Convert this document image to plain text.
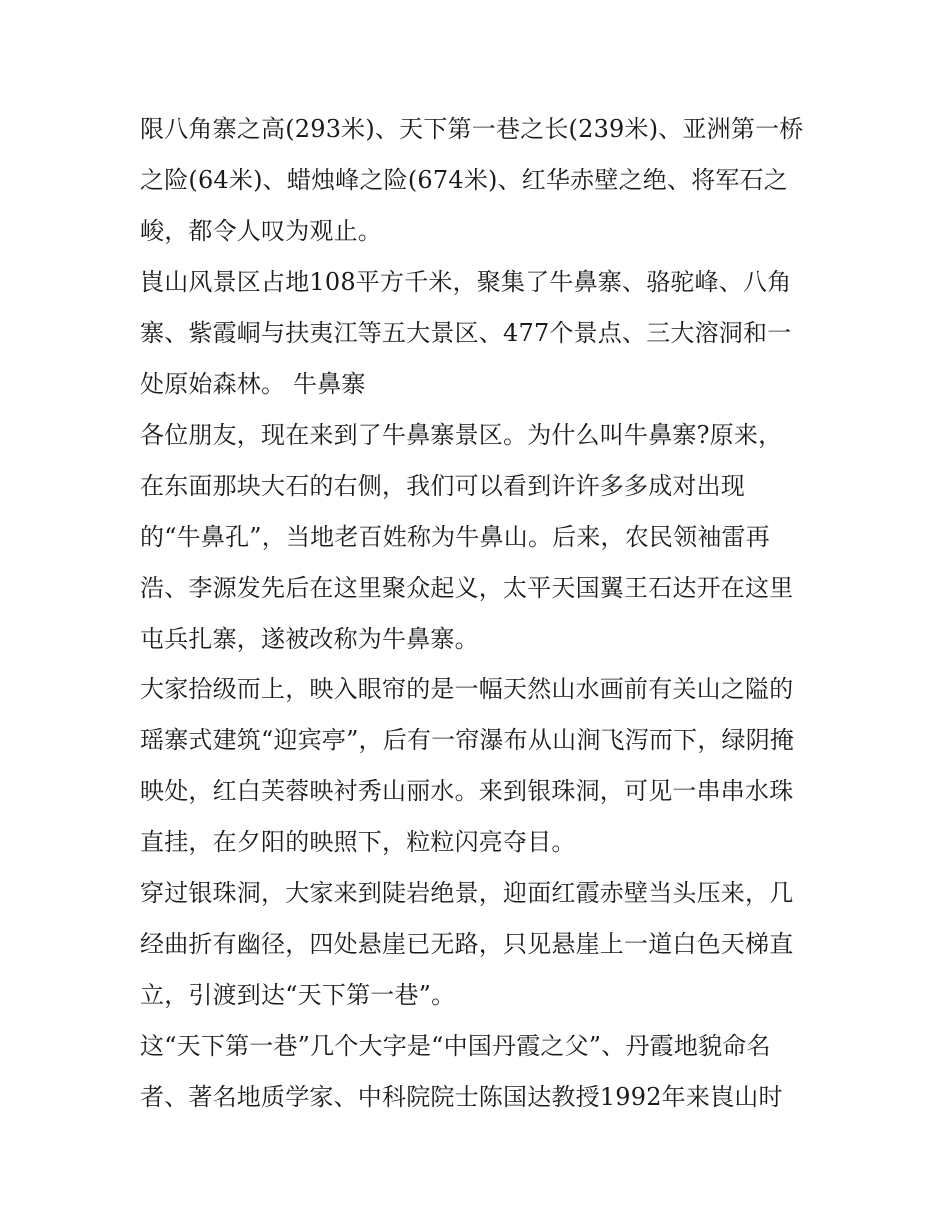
限八角寨之高(293米)、天下第一巷之长(239米)、亚洲第一桥
之险(64米)、蜡烛峰之险(674米)、红华赤壁之绝、将军石之
峻，都令人叹为观止。
崀山风景区占地108平方千米，聚集了牛鼻寨、骆驼峰、八角
寨、紫霞峒与扶夷江等五大景区、477个景点、三大溶洞和一
处原始森林。 牛鼻寨
各位朋友，现在来到了牛鼻寨景区。为什么叫牛鼻寨?原来，
在东面那块大石的右侧，我们可以看到许许多多成对出现
的“牛鼻孔”，当地老百姓称为牛鼻山。后来，农民领袖雷再
浩、李源发先后在这里聚众起义，太平天国翼王石达开在这里
屯兵扎寨，遂被改称为牛鼻寨。
大家拾级而上，映入眼帘的是一幅天然山水画前有关山之隘的
瑶寨式建筑“迎宾亭”，后有一帘瀑布从山涧飞泻而下，绿阴掩
映处，红白芙蓉映衬秀山丽水。来到银珠洞，可见一串串水珠
直挂，在夕阳的映照下，粒粒闪亮夺目。
穿过银珠洞，大家来到陡岩绝景，迎面红霞赤壁当头压来，几
经曲折有幽径，四处悬崖已无路，只见悬崖上一道白色天梯直
立，引渡到达“天下第一巷”。
这“天下第一巷”几个大字是“中国丹霞之父”、丹霞地貌命名
者、著名地质学家、中科院院士陈国达教授1992年来崀山时
